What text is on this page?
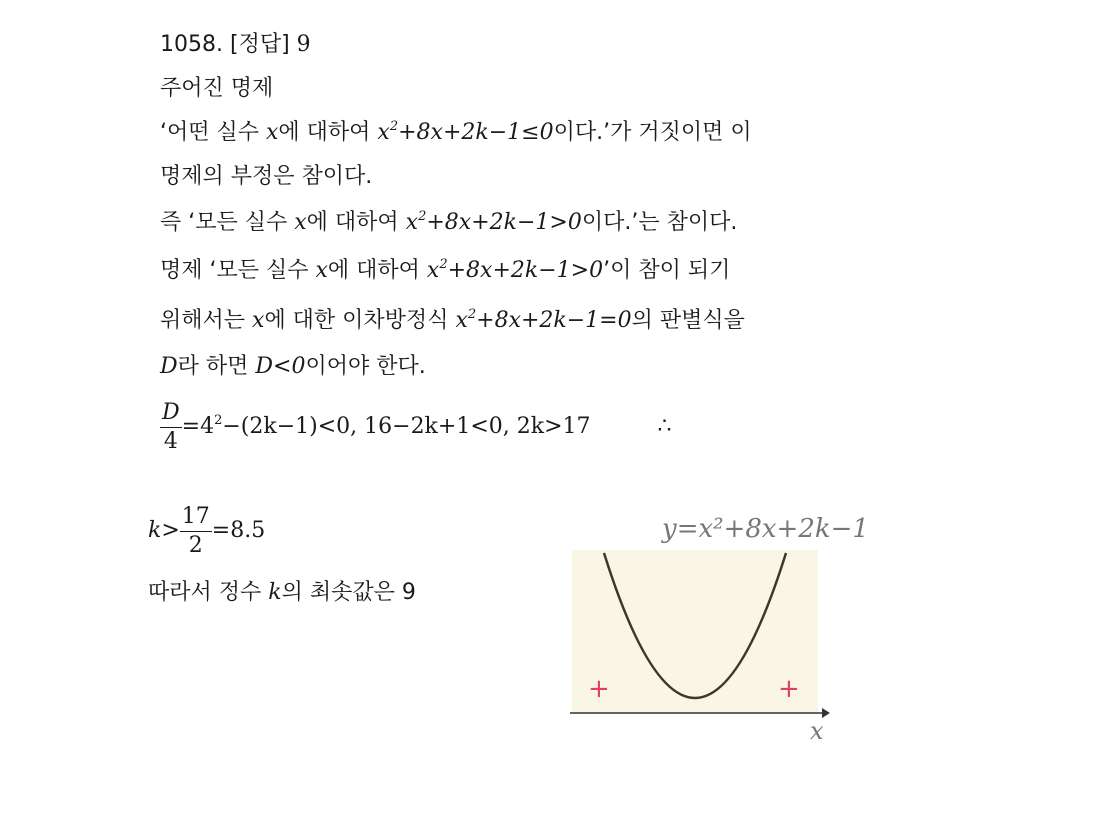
1058. [정답] 9
주어진 명제
‘어떤 실수 x에 대하여 $x^2+8x+2k-1\le 0$이다.’가 거짓이면 이
명제의 부정은 참이다.
즉 ‘모든 실수 x에 대하여 $x^2+8x+2k-1>0$이다.’는 참이다.
명제 ‘모든 실수 x에 대하여 $x^2+8x+2k-1>0$’이 참이 되기
위해서는 x에 대한 이차방정식 $x^2+8x+2k-1=0$의 판별식을
D라 하면 D<0이어야 한다.
$\frac{D}{4} =4^2-(2k-1)<0$, 16−2k+1<0, 2k>17	∴
$k> \frac{17}{2} =8.5$
따라서 정수 k의 최솟값은 9
y=x²+8x+2k−1
x
+	+
